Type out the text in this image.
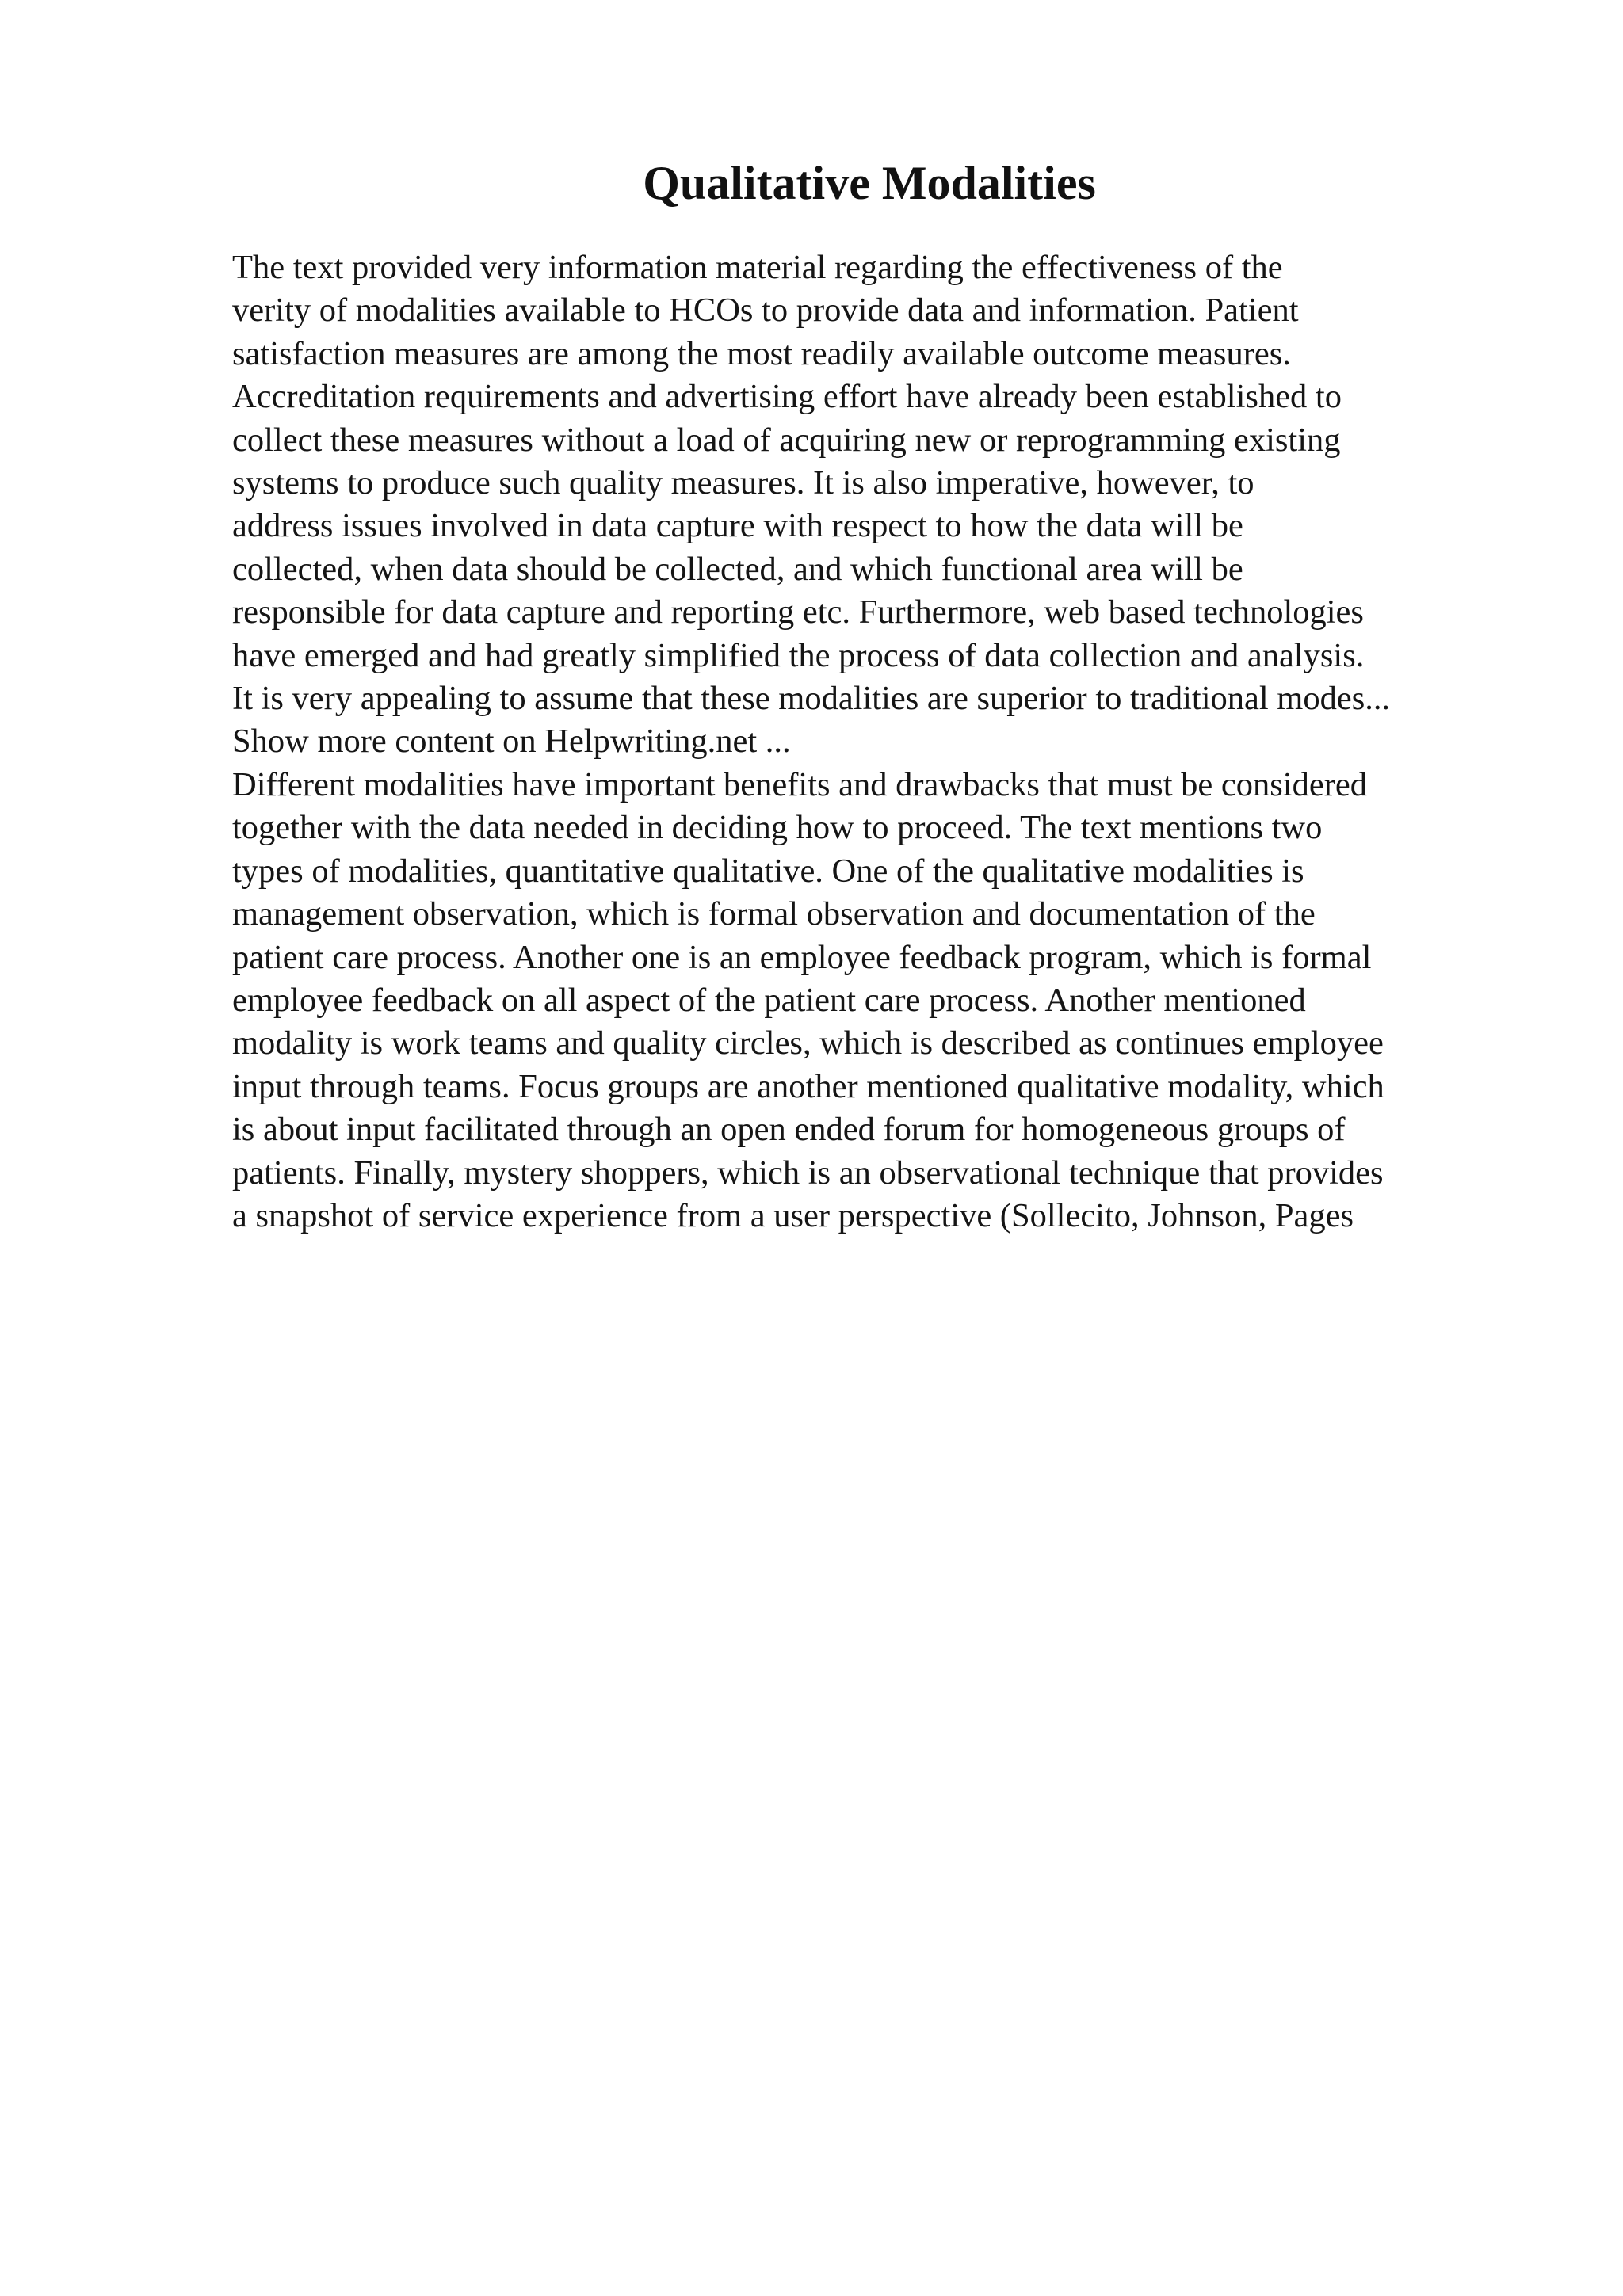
Qualitative Modalities
The text provided very information material regarding the effectiveness of the
verity of modalities available to HCOs to provide data and information. Patient
satisfaction measures are among the most readily available outcome measures.
Accreditation requirements and advertising effort have already been established to
collect these measures without a load of acquiring new or reprogramming existing
systems to produce such quality measures. It is also imperative, however, to
address issues involved in data capture with respect to how the data will be
collected, when data should be collected, and which functional area will be
responsible for data capture and reporting etc. Furthermore, web based technologies
have emerged and had greatly simplified the process of data collection and analysis.
It is very appealing to assume that these modalities are superior to traditional modes...
Show more content on Helpwriting.net ...
Different modalities have important benefits and drawbacks that must be considered
together with the data needed in deciding how to proceed. The text mentions two
types of modalities, quantitative qualitative. One of the qualitative modalities is
management observation, which is formal observation and documentation of the
patient care process. Another one is an employee feedback program, which is formal
employee feedback on all aspect of the patient care process. Another mentioned
modality is work teams and quality circles, which is described as continues employee
input through teams. Focus groups are another mentioned qualitative modality, which
is about input facilitated through an open ended forum for homogeneous groups of
patients. Finally, mystery shoppers, which is an observational technique that provides
a snapshot of service experience from a user perspective (Sollecito, Johnson, Pages
